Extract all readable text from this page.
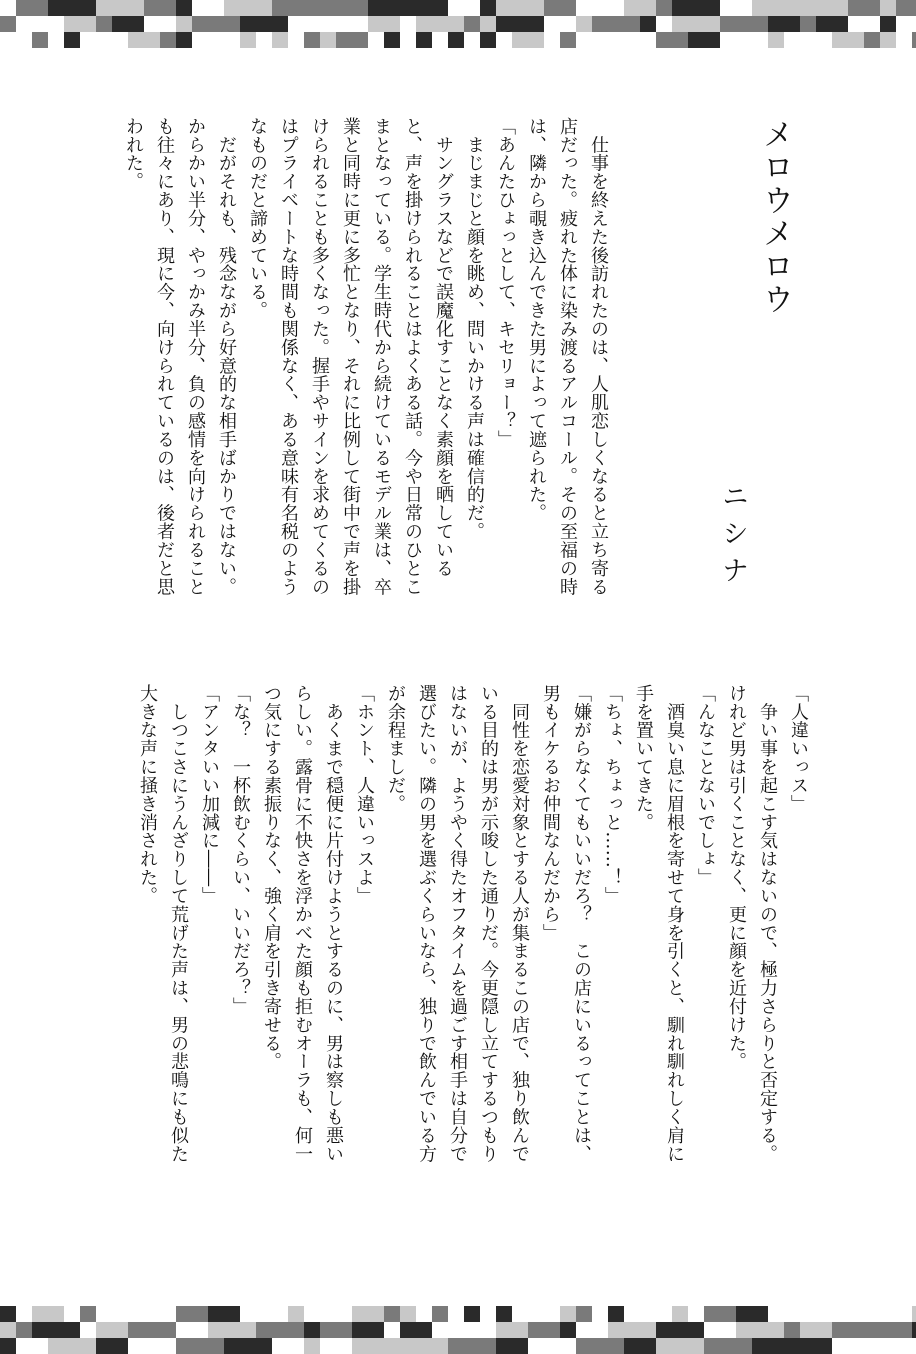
メロウメロウ
ニシナ

　仕事を終えた後訪れたのは、人肌恋しくなると立ち寄る

店だった。疲れた体に染み渡るアルコール。その至福の時

は、隣から覗き込んできた男によって遮られた。

「あんたひょっとして、キセリョー？」

　まじまじと顔を眺め、問いかける声は確信的だ。

　サングラスなどで誤魔化すことなく素顔を晒している

と、声を掛けられることはよくある話。今や日常のひとこ

まとなっている。学生時代から続けているモデル業は、卒

業と同時に更に多忙となり、それに比例して街中で声を掛

けられることも多くなった。握手やサインを求めてくるの

はプライベートな時間も関係なく、ある意味有名税のよう

なものだと諦めている。

　だがそれも、残念ながら好意的な相手ばかりではない。

からかい半分、やっかみ半分、負の感情を向けられること

も往々にあり、現に今、向けられているのは、後者だと思

われた。

「人違いっス」

　争い事を起こす気はないので、極力さらりと否定する。

けれど男は引くことなく、更に顔を近付けた。

「んなことないでしょ」

　酒臭い息に眉根を寄せて身を引くと、馴れ馴れしく肩に

手を置いてきた。

「ちょ、ちょっと……！」

「嫌がらなくてもいいだろ？　この店にいるってことは、

男もイケるお仲間なんだから」

　同性を恋愛対象とする人が集まるこの店で、独り飲んで

いる目的は男が示唆した通りだ。今更隠し立てするつもり

はないが、ようやく得たオフタイムを過ごす相手は自分で

選びたい。隣の男を選ぶくらいなら、独りで飲んでいる方

が余程ましだ。

「ホント、人違いっスよ」

　あくまで穏便に片付けようとするのに、男は察しも悪い

らしい。露骨に不快さを浮かべた顔も拒むオーラも、何一

つ気にする素振りなく、強く肩を引き寄せる。

「な？　一杯飲むくらい、いいだろ？」

「アンタいい加減に――」

　しつこさにうんざりして荒げた声は、男の悲鳴にも似た

大きな声に掻き消された。
